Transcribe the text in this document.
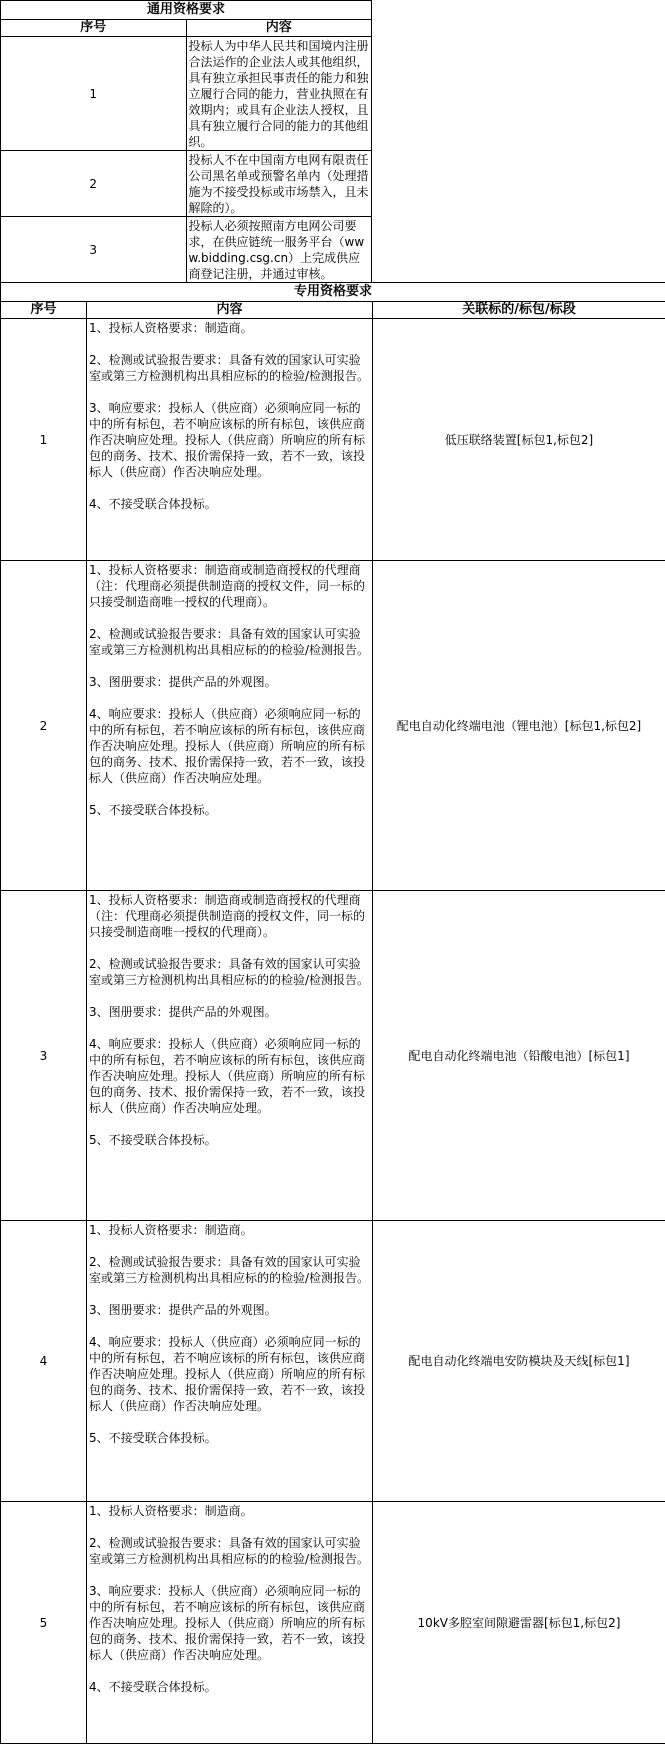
通用资格要求	
序号	内容
1	投标人为中华人民共和国境内注册合法运作的企业法人或其他组织，具有独立承担民事责任的能力和独立履行合同的能力，营业执照在有效期内；或具有企业法人授权，且具有独立履行合同的能力的其他组织。
2	投标人不在中国南方电网有限责任公司黑名单或预警名单内（处理措施为不接受投标或市场禁入，且未解除的）。
3	投标人必须按照南方电网公司要求，在供应链统一服务平台（www.bidding.csg.cn）上完成供应商登记注册，并通过审核。
专用资格要求		
序号	内容	关联标的/标包/标段
1	1、投标人资格要求：制造商。

2、检测或试验报告要求：具备有效的国家认可实验室或第三方检测机构出具相应标的的检验/检测报告。

3、响应要求：投标人（供应商）必须响应同一标的中的所有标包，若不响应该标的所有标包，该供应商作否决响应处理。投标人（供应商）所响应的所有标包的商务、技术、报价需保持一致，若不一致，该投标人（供应商）作否决响应处理。

4、不接受联合体投标。	低压联络装置[标包1,标包2]
2	1、投标人资格要求：制造商或制造商授权的代理商（注：代理商必须提供制造商的授权文件，同一标的只接受制造商唯一授权的代理商）。

2、检测或试验报告要求：具备有效的国家认可实验室或第三方检测机构出具相应标的的检验/检测报告。

3、图册要求：提供产品的外观图。

4、响应要求：投标人（供应商）必须响应同一标的中的所有标包，若不响应该标的所有标包，该供应商作否决响应处理。投标人（供应商）所响应的所有标包的商务、技术、报价需保持一致，若不一致，该投标人（供应商）作否决响应处理。

5、不接受联合体投标。	配电自动化终端电池（锂电池）[标包1,标包2]
3	1、投标人资格要求：制造商或制造商授权的代理商（注：代理商必须提供制造商的授权文件，同一标的只接受制造商唯一授权的代理商）。

2、检测或试验报告要求：具备有效的国家认可实验室或第三方检测机构出具相应标的的检验/检测报告。

3、图册要求：提供产品的外观图。

4、响应要求：投标人（供应商）必须响应同一标的中的所有标包，若不响应该标的所有标包，该供应商作否决响应处理。投标人（供应商）所响应的所有标包的商务、技术、报价需保持一致，若不一致，该投标人（供应商）作否决响应处理。

5、不接受联合体投标。	配电自动化终端电池（铅酸电池）[标包1]
4	1、投标人资格要求：制造商。

2、检测或试验报告要求：具备有效的国家认可实验室或第三方检测机构出具相应标的的检验/检测报告。

3、图册要求：提供产品的外观图。

4、响应要求：投标人（供应商）必须响应同一标的中的所有标包，若不响应该标的所有标包，该供应商作否决响应处理。投标人（供应商）所响应的所有标包的商务、技术、报价需保持一致，若不一致，该投标人（供应商）作否决响应处理。

5、不接受联合体投标。	配电自动化终端电安防模块及天线[标包1]
5	1、投标人资格要求：制造商。

2、检测或试验报告要求：具备有效的国家认可实验室或第三方检测机构出具相应标的的检验/检测报告。

3、响应要求：投标人（供应商）必须响应同一标的中的所有标包，若不响应该标的所有标包，该供应商作否决响应处理。投标人（供应商）所响应的所有标包的商务、技术、报价需保持一致，若不一致，该投标人（供应商）作否决响应处理。

4、不接受联合体投标。	10kV多腔室间隙避雷器[标包1,标包2]
